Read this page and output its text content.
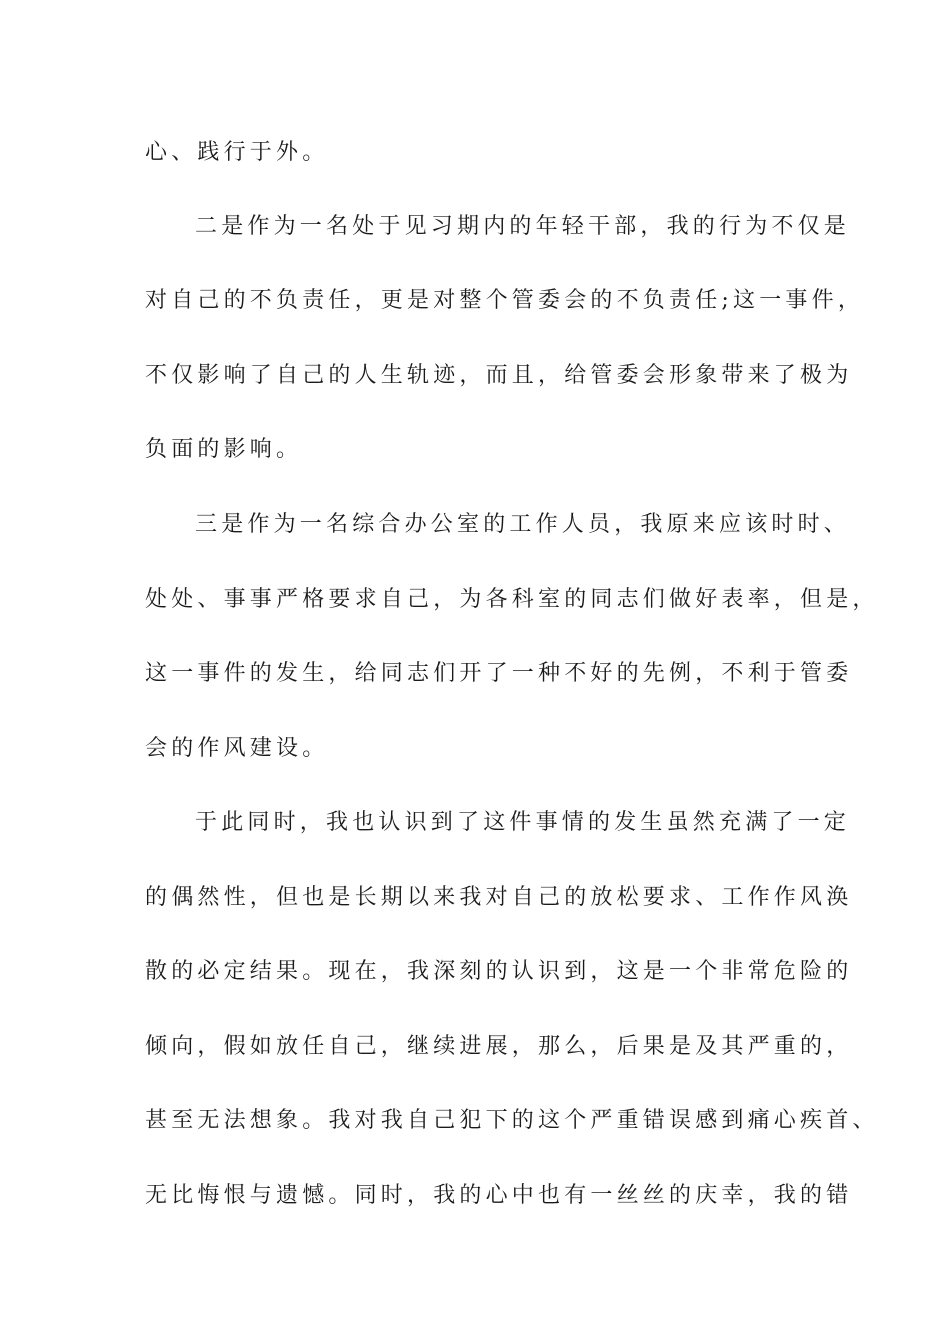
心、践行于外。
二是作为一名处于见习期内的年轻干部，我的行为不仅是
对自己的不负责任，更是对整个管委会的不负责任;这一事件，
不仅影响了自己的人生轨迹，而且，给管委会形象带来了极为
负面的影响。
三是作为一名综合办公室的工作人员，我原来应该时时、
处处、事事严格要求自己，为各科室的同志们做好表率，但是，
这一事件的发生，给同志们开了一种不好的先例，不利于管委
会的作风建设。
于此同时，我也认识到了这件事情的发生虽然充满了一定
的偶然性，但也是长期以来我对自己的放松要求、工作作风涣
散的必定结果。现在，我深刻的认识到，这是一个非常危险的
倾向，假如放任自己，继续进展，那么，后果是及其严重的，
甚至无法想象。我对我自己犯下的这个严重错误感到痛心疾首、
无比悔恨与遗憾。同时，我的心中也有一丝丝的庆幸，我的错
